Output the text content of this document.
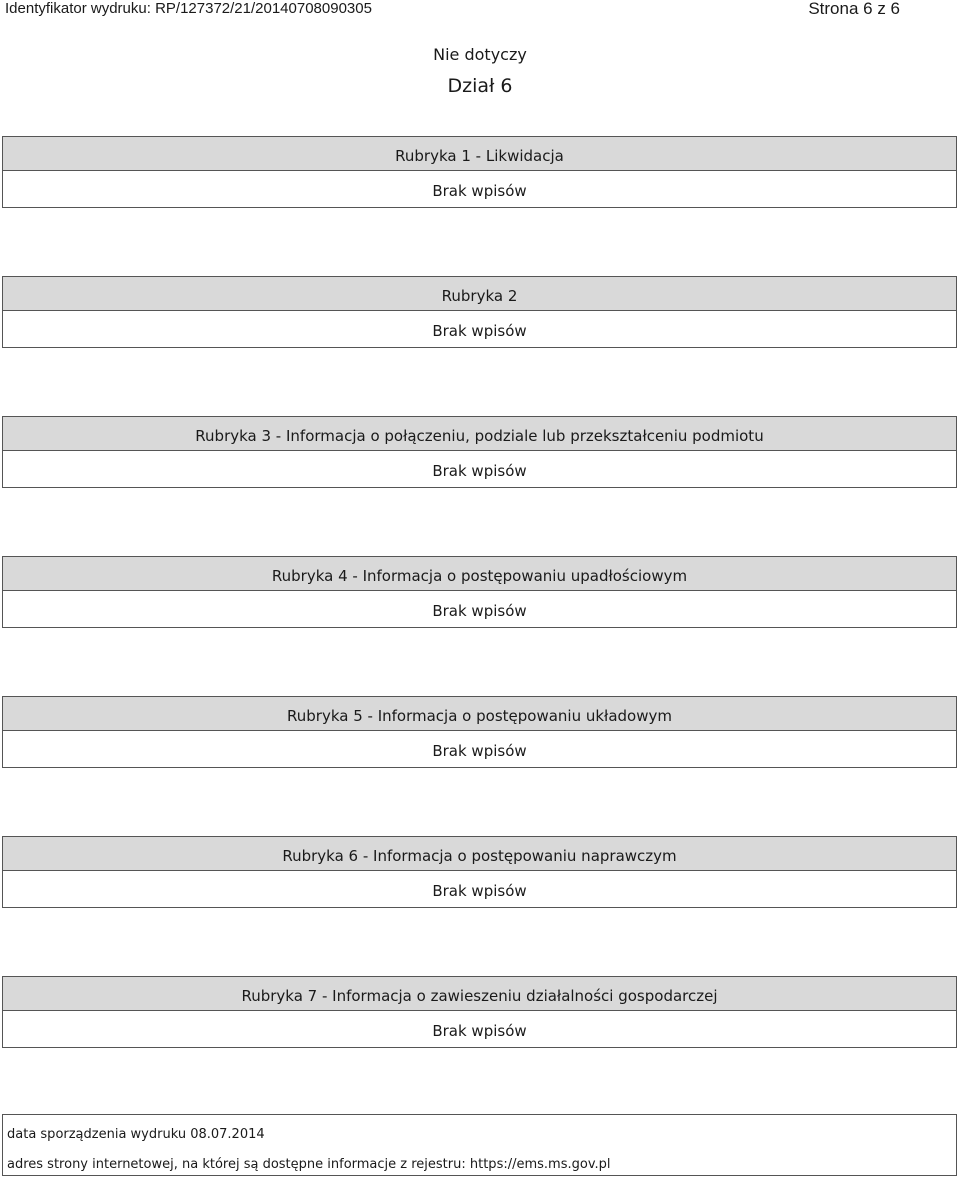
Identyfikator wydruku: RP/127372/21/20140708090305	Strona 6 z 6
Nie dotyczy
Dział 6
Rubryka 1 - Likwidacja
Brak wpisów
Rubryka 2
Brak wpisów
Rubryka 3 - Informacja o połączeniu, podziale lub przekształceniu podmiotu
Brak wpisów
Rubryka 4 - Informacja o postępowaniu upadłościowym
Brak wpisów
Rubryka 5 - Informacja o postępowaniu układowym
Brak wpisów
Rubryka 6 - Informacja o postępowaniu naprawczym
Brak wpisów
Rubryka 7 - Informacja o zawieszeniu działalności gospodarczej
Brak wpisów
data sporządzenia wydruku 08.07.2014
adres strony internetowej, na której są dostępne informacje z rejestru: https://ems.ms.gov.pl
